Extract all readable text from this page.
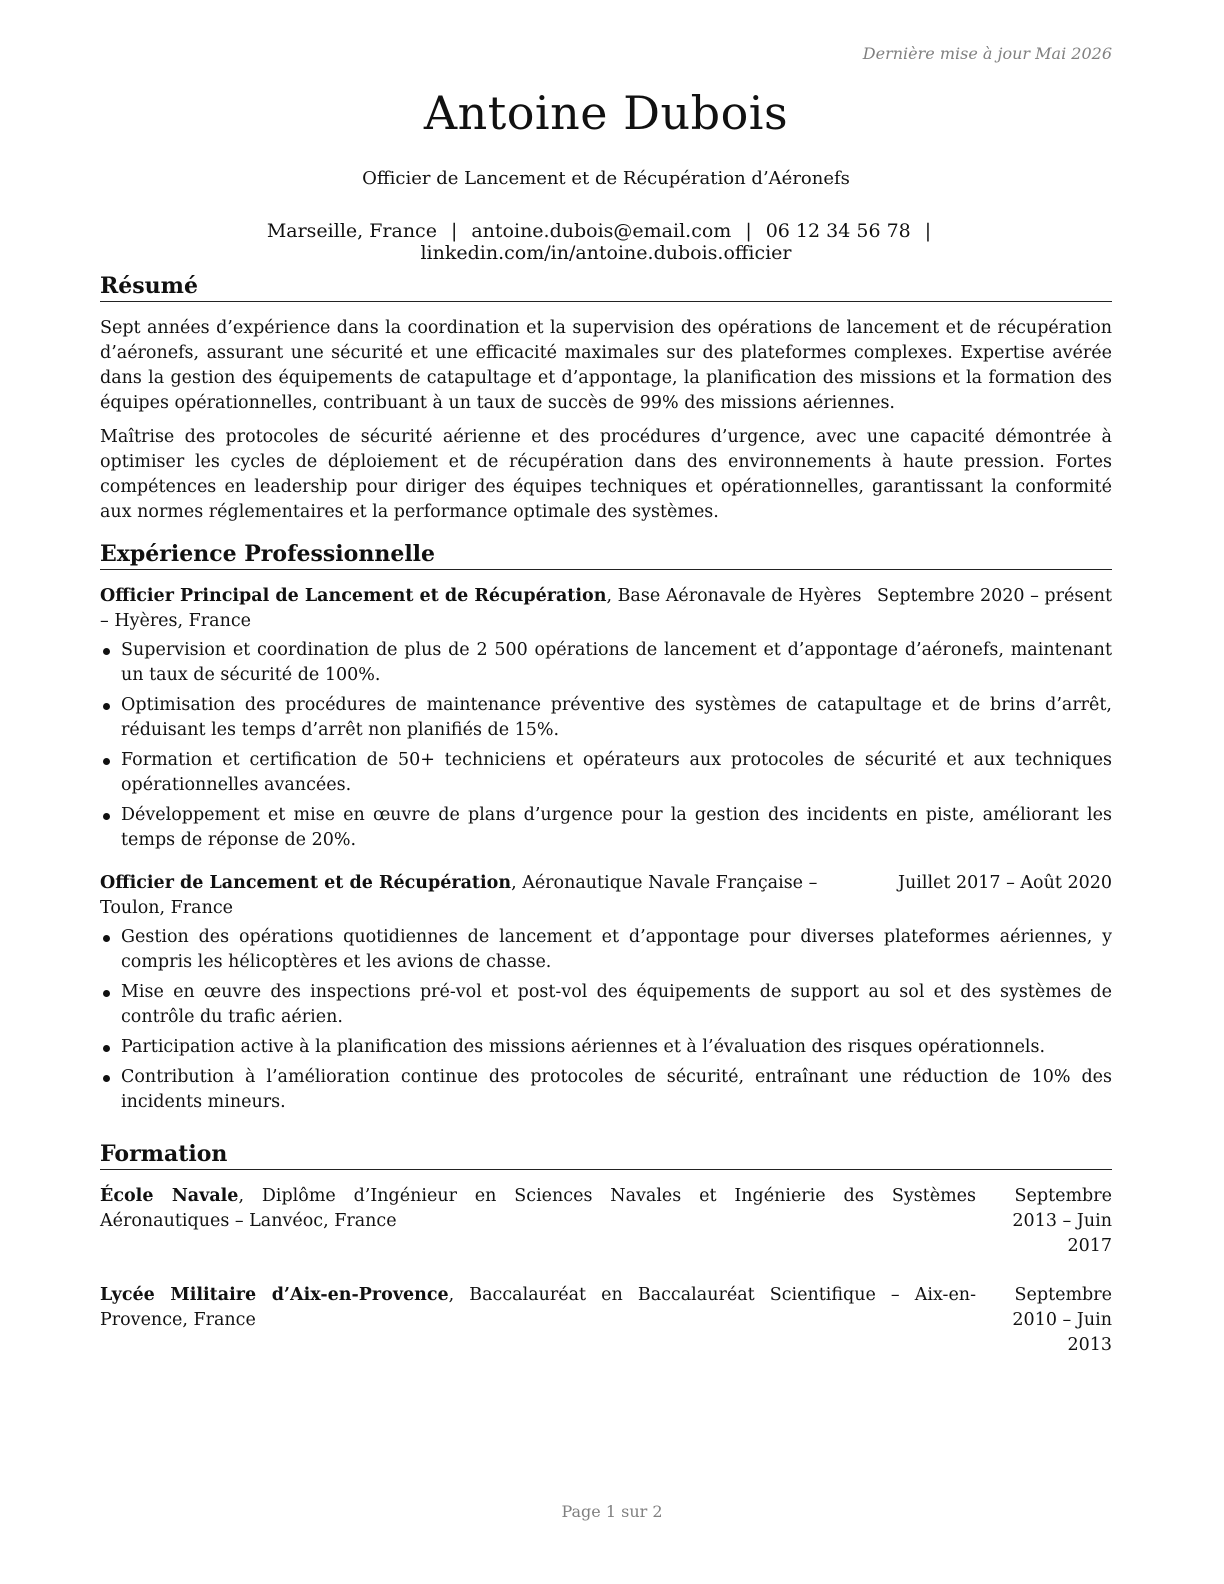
Dernière mise à jour Mai 2026
Antoine Dubois
Officier de Lancement et de Récupération d’Aéronefs
Marseille, France | antoine.dubois@email.com | 06 12 34 56 78 |linkedin.com/in/antoine.dubois.officier
Résumé

Sept années d’expérience dans la coordination et la supervision des opérations de lancement et de récupération d’aéronefs, assurant une sécurité et une efficacité maximales sur des plateformes complexes. Expertise avérée dans la gestion des équipements de catapultage et d’appontage, la planification des missions et la formation des équipes opérationnelles, contribuant à un taux de succès de 99% des missions aériennes.

Maîtrise des protocoles de sécurité aérienne et des procédures d’urgence, avec une capacité démontrée à optimiser les cycles de déploiement et de récupération dans des environnements à haute pression. Fortes compétences en leadership pour diriger des équipes techniques et opérationnelles, garantissant la conformité aux normes réglementaires et la performance optimale des systèmes.

Expérience Professionnelle
Officier Principal de Lancement et de Récupération, Base Aéronavale de Hyères – Hyères, France
Septembre 2020 – présent
Supervision et coordination de plus de 2 500 opérations de lancement et d’appontage d’aéronefs, maintenant un taux de sécurité de 100%.
Optimisation des procédures de maintenance préventive des systèmes de catapultage et de brins d’arrêt, réduisant les temps d’arrêt non planifiés de 15%.
Formation et certification de 50+ techniciens et opérateurs aux protocoles de sécurité et aux techniques opérationnelles avancées.
Développement et mise en œuvre de plans d’urgence pour la gestion des incidents en piste, améliorant les temps de réponse de 20%.
Officier de Lancement et de Récupération, Aéronautique Navale Française – Toulon, France
Juillet 2017 – Août 2020
Gestion des opérations quotidiennes de lancement et d’appontage pour diverses plateformes aériennes, y compris les hélicoptères et les avions de chasse.
Mise en œuvre des inspections pré-vol et post-vol des équipements de support au sol et des systèmes de contrôle du trafic aérien.
Participation active à la planification des missions aériennes et à l’évaluation des risques opérationnels.
Contribution à l’amélioration continue des protocoles de sécurité, entraînant une réduction de 10% des incidents mineurs.
Formation
École Navale, Diplôme d’Ingénieur en Sciences Navales et Ingénierie des Systèmes Aéronautiques – Lanvéoc, France
Septembre 2013 – Juin 2017
Lycée Militaire d’Aix-en-Provence, Baccalauréat en Baccalauréat Scientifique – Aix-en-Provence, France
Septembre 2010 – Juin 2013
Page 1 sur 2
